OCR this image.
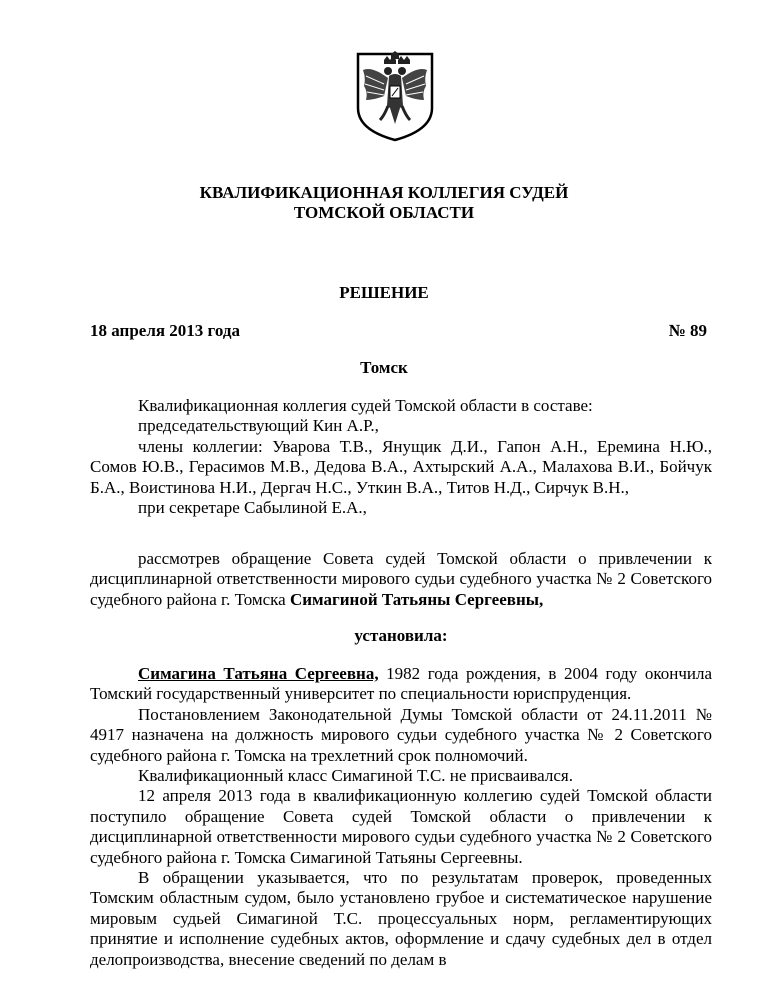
КВАЛИФИКАЦИОННАЯ КОЛЛЕГИЯ СУДЕЙ
ТОМСКОЙ ОБЛАСТИ
РЕШЕНИЕ
18 апреля 2013 года	№ 89
Томск

Квалификационная коллегия судей Томской области в составе:

председательствующий Кин А.Р.,

члены коллегии: Уварова Т.В., Янущик Д.И., Гапон А.Н., Еремина Н.Ю., Сомов Ю.В., Герасимов М.В., Дедова В.А., Ахтырский А.А., Малахова В.И., Бойчук Б.А., Воистинова Н.И., Дергач Н.С., Уткин В.А., Титов Н.Д., Сирчук В.Н.,

при секретаре Сабылиной Е.А.,

рассмотрев обращение Совета судей Томской области о привлечении к дисциплинарной ответственности мирового судьи судебного участка № 2 Советского судебного района г. Томска Симагиной Татьяны Сергеевны,

установила:

Симагина Татьяна Сергеевна, 1982 года рождения, в 2004 году окончила Томский государственный университет по специальности юриспруденция.

Постановлением Законодательной Думы Томской области от 24.11.2011 № 4917 назначена на должность мирового судьи судебного участка № 2 Советского судебного района г. Томска на трехлетний срок полномочий.

Квалификационный класс Симагиной Т.С. не присваивался.

12 апреля 2013 года в квалификационную коллегию судей Томской области поступило обращение Совета судей Томской области о привлечении к дисциплинарной ответственности мирового судьи судебного участка № 2 Советского судебного района г. Томска Симагиной Татьяны Сергеевны.

В обращении указывается, что по результатам проверок, проведенных Томским областным судом, было установлено грубое и систематическое нарушение мировым судьей Симагиной Т.С. процессуальных норм, регламентирующих принятие и исполнение судебных актов, оформление и сдачу судебных дел в отдел делопроизводства, внесение сведений по делам в
